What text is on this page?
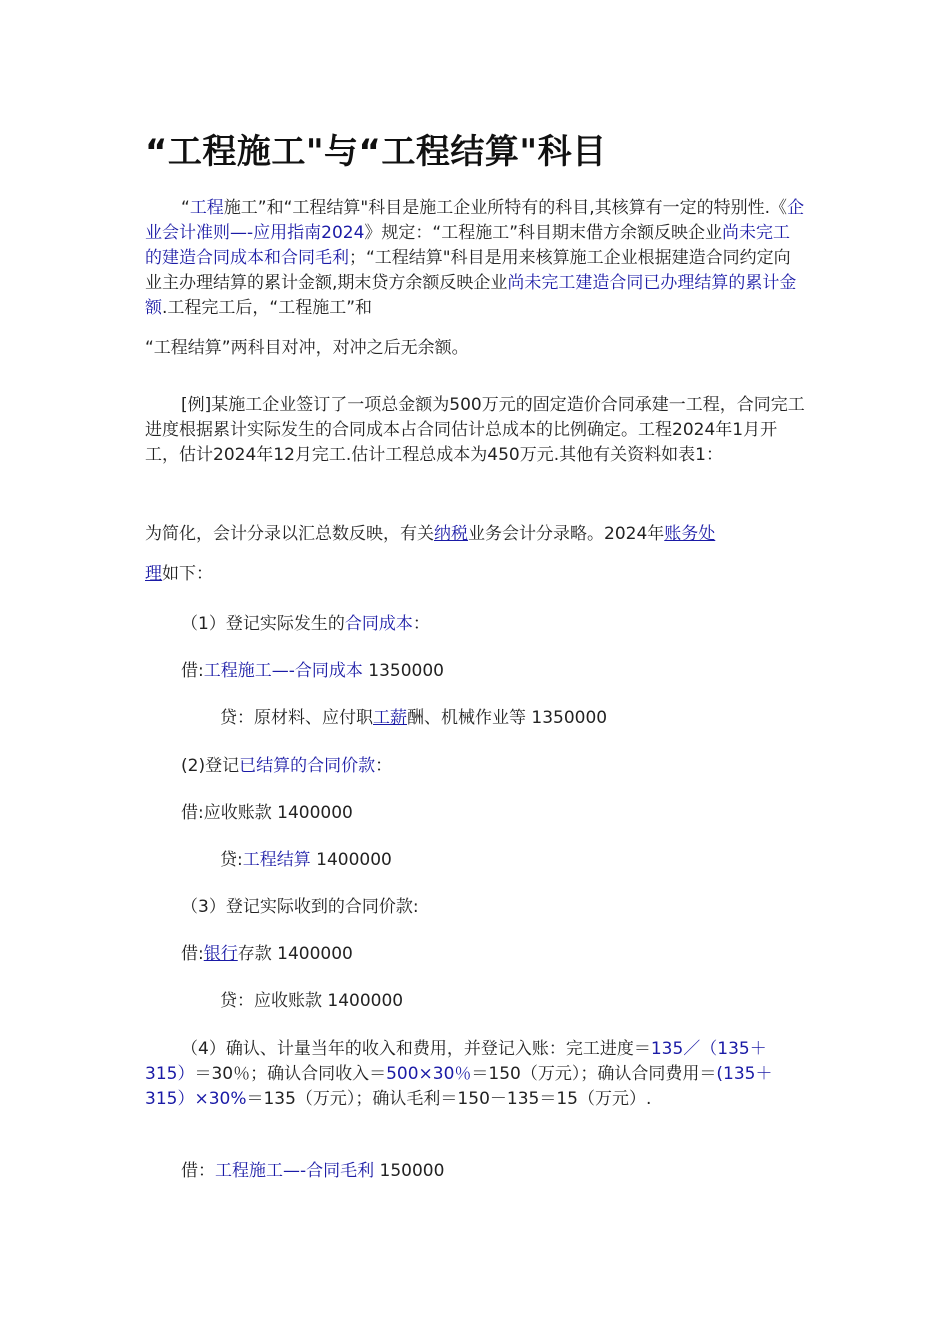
“工程施工"与“工程结算"科目

“工程施工”和“工程结算"科目是施工企业所特有的科目,其核算有一定的特别性.《企业会计准则—-应用指南2024》规定：“工程施工”科目期末借方余额反映企业尚未完工的建造合同成本和合同毛利；“工程结算"科目是用来核算施工企业根据建造合同约定向业主办理结算的累计金额,期末贷方余额反映企业尚未完工建造合同已办理结算的累计金额.工程完工后，“工程施工”和

“工程结算”两科目对冲，对冲之后无余额。

[例]某施工企业签订了一项总金额为500万元的固定造价合同承建一工程，合同完工进度根据累计实际发生的合同成本占合同估计总成本的比例确定。工程2024年1月开工，估计2024年12月完工.估计工程总成本为450万元.其他有关资料如表1：

为简化，会计分录以汇总数反映，有关纳税业务会计分录略。2024年账务处
理如下：

（1）登记实际发生的合同成本：

借:工程施工—-合同成本 1350000

贷：原材料、应付职工薪酬、机械作业等 1350000

(2)登记已结算的合同价款：

借:应收账款 1400000

贷:工程结算 1400000

（3）登记实际收到的合同价款:

借:银行存款 1400000

贷：应收账款 1400000

（4）确认、计量当年的收入和费用，并登记入账：完工进度＝135／（135＋315）＝30％；确认合同收入＝500×30％＝150（万元）；确认合同费用＝(135＋315）×30%＝135（万元）；确认毛利＝150－135＝15（万元）.

借：工程施工—-合同毛利 150000
